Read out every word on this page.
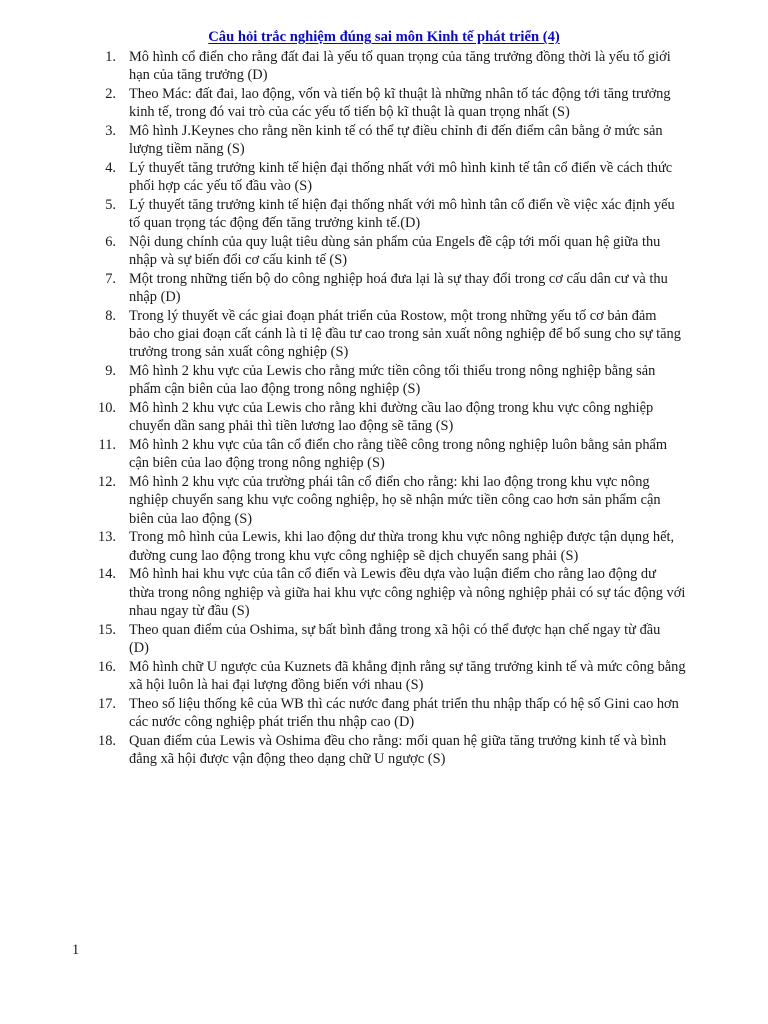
Câu hỏi trắc nghiệm đúng sai môn Kinh tế phát triển (4)
1. Mô hình cổ điển cho rằng đất đai là yếu tố quan trọng của tăng trưởng đồng thời là yếu tố giới
hạn của tăng trưởng (D)
2. Theo Mác: đất đai, lao động, vốn và tiến bộ kĩ thuật là những nhân tố tác động tới tăng trưởng
kinh tế, trong đó vai trò của các yếu tố tiến bộ kĩ thuật là quan trọng nhất (S)
3. Mô hình J.Keynes cho rằng nền kinh tế có thể tự điều chỉnh đi đến điểm cân bằng ở mức sản
lượng tiềm năng (S)
4. Lý thuyết tăng trưởng kinh tế hiện đại thống nhất với mô hình kinh tế tân cổ điển về cách thức
phối hợp các yếu tố đầu vào (S)
5. Lý thuyết tăng trưởng kinh tế hiện đại thống nhất với mô hình tân cổ điển về việc xác định yếu
tố quan trọng tác động đến tăng trưởng kinh tế.(D)
6. Nội dung chính của quy luật tiêu dùng sản phẩm của Engels đề cập tới mối quan hệ giữa thu
nhập và sự biến đổi cơ cấu kinh tế (S)
7. Một trong những tiến bộ do công nghiệp hoá đưa lại là sự thay đổi trong cơ cấu dân cư và thu
nhập (D)
8. Trong lý thuyết về các giai đoạn phát triển của Rostow, một trong những yếu tố cơ bản đảm
bảo cho giai đoạn cất cánh là tỉ lệ đầu tư cao trong sản xuất nông nghiệp để bổ sung cho sự tăng
trưởng trong sản xuất công nghiệp (S)
9. Mô hình 2 khu vực của Lewis cho rằng mức tiền công tối thiểu trong nông nghiệp bằng sản
phẩm cận biên của lao động trong nông nghiệp (S)
10. Mô hình 2 khu vực của Lewis cho rằng khi đường cầu lao động trong khu vực công nghiệp
chuyển dần sang phải thì tiền lương lao động sẽ tăng (S)
11. Mô hình 2 khu vực của tân cổ điển cho rằng tiềê công trong nông nghiệp luôn bằng sản phẩm
cận biên của lao động trong nông nghiệp (S)
12. Mô hình 2 khu vực của trường phái tân cổ điển cho rằng: khi lao động trong khu vực nông
nghiệp chuyển sang khu vực coông nghiệp, họ sẽ nhận mức tiền công cao hơn sản phẩm cận
biên của lao động (S)
13. Trong mô hình của Lewis, khi lao động dư thừa trong khu vực nông nghiệp được tận dụng hết,
đường cung lao động trong khu vực công nghiệp sẽ dịch chuyển sang phải (S)
14. Mô hình hai khu vực của tân cổ điển và Lewis đều dựa vào luận điểm cho rằng lao động dư
thừa trong nông nghiệp và giữa hai khu vực công nghiệp và nông nghiệp phải có sự tác động với
nhau ngay từ đầu (S)
15. Theo quan điểm của Oshima, sự bất bình đẳng trong xã hội có thể được hạn chế ngay từ đầu
(D)
16. Mô hình chữ U ngược của Kuznets đã khẳng định rằng sự tăng trưởng kinh tế và mức công bằng
xã hội luôn là hai đại lượng đồng biến với nhau (S)
17. Theo số liệu thống kê của WB thì các nước đang phát triển thu nhập thấp có hệ số Gini cao hơn
các nước công nghiệp phát triển thu nhập cao (D)
18. Quan điểm của Lewis và Oshima đều cho rằng: mối quan hệ giữa tăng trưởng kinh tế và bình
đẳng xã hội được vận động theo dạng chữ U ngược (S)
1
